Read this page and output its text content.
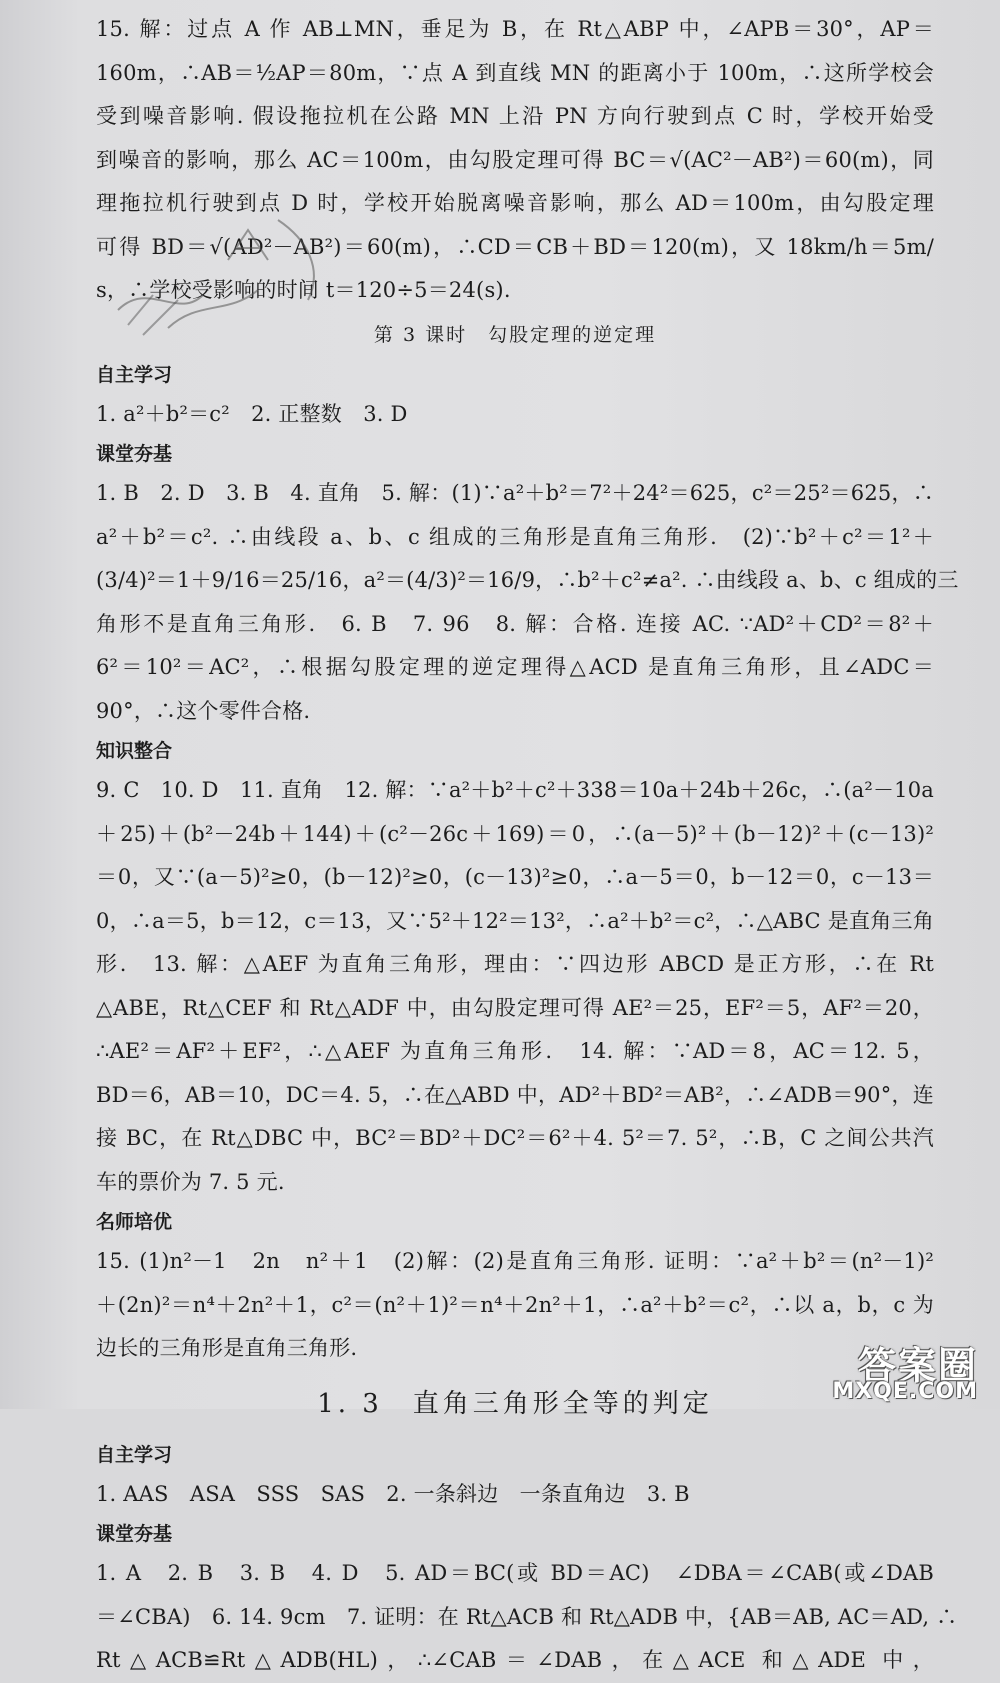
15. 解：过点 A 作 AB⊥MN，垂足为 B，在 Rt△ABP 中，∠APB＝30°，AP＝

160m，∴AB＝½AP＝80m，∵点 A 到直线 MN 的距离小于 100m，∴这所学校会

受到噪音影响. 假设拖拉机在公路 MN 上沿 PN 方向行驶到点 C 时，学校开始受

到噪音的影响，那么 AC＝100m，由勾股定理可得 BC＝√(AC²－AB²)＝60(m)，同

理拖拉机行驶到点 D 时，学校开始脱离噪音影响，那么 AD＝100m，由勾股定理

可得 BD＝√(AD²－AB²)＝60(m)，∴CD＝CB＋BD＝120(m)，又 18km/h＝5m/

s，∴学校受影响的时间 t＝120÷5＝24(s).

第 3 课时　勾股定理的逆定理

自主学习

1. a²＋b²＝c²　2. 正整数　3. D

课堂夯基

1. B　2. D　3. B　4. 直角　5. 解：(1)∵a²＋b²＝7²＋24²＝625，c²＝25²＝625，∴

a²＋b²＝c². ∴由线段 a、b、c 组成的三角形是直角三角形.　(2)∵b²＋c²＝1²＋

(3/4)²＝1＋9/16＝25/16，a²＝(4/3)²＝16/9，∴b²＋c²≠a². ∴由线段 a、b、c 组成的三

角形不是直角三角形.　6. B　7. 96　8. 解：合格. 连接 AC. ∵AD²＋CD²＝8²＋

6²＝10²＝AC²，∴根据勾股定理的逆定理得△ACD 是直角三角形，且∠ADC＝

90°，∴这个零件合格.

知识整合

9. C　10. D　11. 直角　12. 解：∵a²＋b²＋c²＋338＝10a＋24b＋26c，∴(a²－10a

＋25)＋(b²－24b＋144)＋(c²－26c＋169)＝0，∴(a－5)²＋(b－12)²＋(c－13)²

＝0，又∵(a－5)²≥0，(b－12)²≥0，(c－13)²≥0，∴a－5＝0，b－12＝0，c－13＝

0，∴a＝5，b＝12，c＝13，又∵5²＋12²＝13²，∴a²＋b²＝c²，∴△ABC 是直角三角

形.　13. 解：△AEF 为直角三角形，理由：∵四边形 ABCD 是正方形，∴在 Rt

△ABE，Rt△CEF 和 Rt△ADF 中，由勾股定理可得 AE²＝25，EF²＝5，AF²＝20，

∴AE²＝AF²＋EF²，∴△AEF 为直角三角形.　14. 解：∵AD＝8，AC＝12. 5，

BD＝6，AB＝10，DC＝4. 5，∴在△ABD 中，AD²＋BD²＝AB²，∴∠ADB＝90°，连

接 BC，在 Rt△DBC 中，BC²＝BD²＋DC²＝6²＋4. 5²＝7. 5²，∴B，C 之间公共汽

车的票价为 7. 5 元.

名师培优

15. (1)n²－1　2n　n²＋1　(2)解：(2)是直角三角形. 证明：∵a²＋b²＝(n²－1)²

＋(2n)²＝n⁴＋2n²＋1，c²＝(n²＋1)²＝n⁴＋2n²＋1，∴a²＋b²＝c²，∴以 a，b，c 为

边长的三角形是直角三角形.

1. 3　直角三角形全等的判定

自主学习

1. AAS　ASA　SSS　SAS　2. 一条斜边　一条直角边　3. B

课堂夯基

1. A　2. B　3. B　4. D　5. AD＝BC(或 BD＝AC)　∠DBA＝∠CAB(或∠DAB

＝∠CBA)　6. 14. 9cm　7. 证明：在 Rt△ACB 和 Rt△ADB 中，{AB＝AB, AC＝AD, ∴

Rt△ACB≌Rt△ADB(HL)，∴∠CAB＝∠DAB，在△ACE 和△ADE 中，

答案圈
MXQE.COM
